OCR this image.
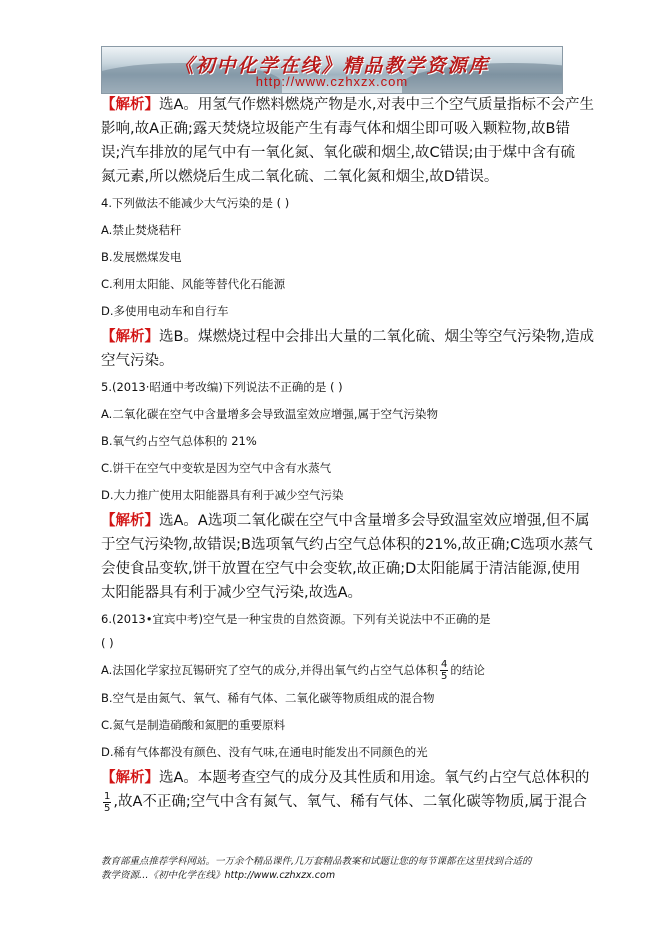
《初中化学在线》精品教学资源库
http://www.czhxzx.com

【解析】选A。用氢气作燃料燃烧产物是水,对表中三个空气质量指标不会产生

影响,故A正确;露天焚烧垃圾能产生有毒气体和烟尘即可吸入颗粒物,故B错

误;汽车排放的尾气中有一氧化氮、氧化碳和烟尘,故C错误;由于煤中含有硫

氮元素,所以燃烧后生成二氧化硫、二氧化氮和烟尘,故D错误。

4.下列做法不能减少大气污染的是 ( )

A.禁止焚烧秸秆

B.发展燃煤发电

C.利用太阳能、风能等替代化石能源

D.多使用电动车和自行车

【解析】选B。煤燃烧过程中会排出大量的二氧化硫、烟尘等空气污染物,造成

空气污染。

5.(2013·昭通中考改编)下列说法不正确的是 ( )

A.二氧化碳在空气中含量增多会导致温室效应增强,属于空气污染物

B.氧气约占空气总体积的 21%

C.饼干在空气中变软是因为空气中含有水蒸气

D.大力推广使用太阳能器具有利于减少空气污染

【解析】选A。A选项二氧化碳在空气中含量增多会导致温室效应增强,但不属

于空气污染物,故错误;B选项氧气约占空气总体积的21%,故正确;C选项水蒸气

会使食品变软,饼干放置在空气中会变软,故正确;D太阳能属于清洁能源,使用

太阳能器具有利于减少空气污染,故选A。

6.(2013•宜宾中考)空气是一种宝贵的自然资源。下列有关说法中不正确的是

( )

A.法国化学家拉瓦锡研究了空气的成分,并得出氧气约占空气总体积 $\frac{4}{5}$ 的结论

B.空气是由氮气、氧气、稀有气体、二氧化碳等物质组成的混合物

C.氮气是制造硝酸和氮肥的重要原料

D.稀有气体都没有颜色、没有气味,在通电时能发出不同颜色的光

【解析】选A。本题考查空气的成分及其性质和用途。氧气约占空气总体积的

$\frac{1}{5}$ ,故A不正确;空气中含有氮气、氧气、稀有气体、二氧化碳等物质,属于混合

教育部重点推荐学科网站。一万余个精品课件,几万套精品教案和试题让您的每节课都在这里找到合适的
教学资源…《初中化学在线》http://www.czhxzx.com
